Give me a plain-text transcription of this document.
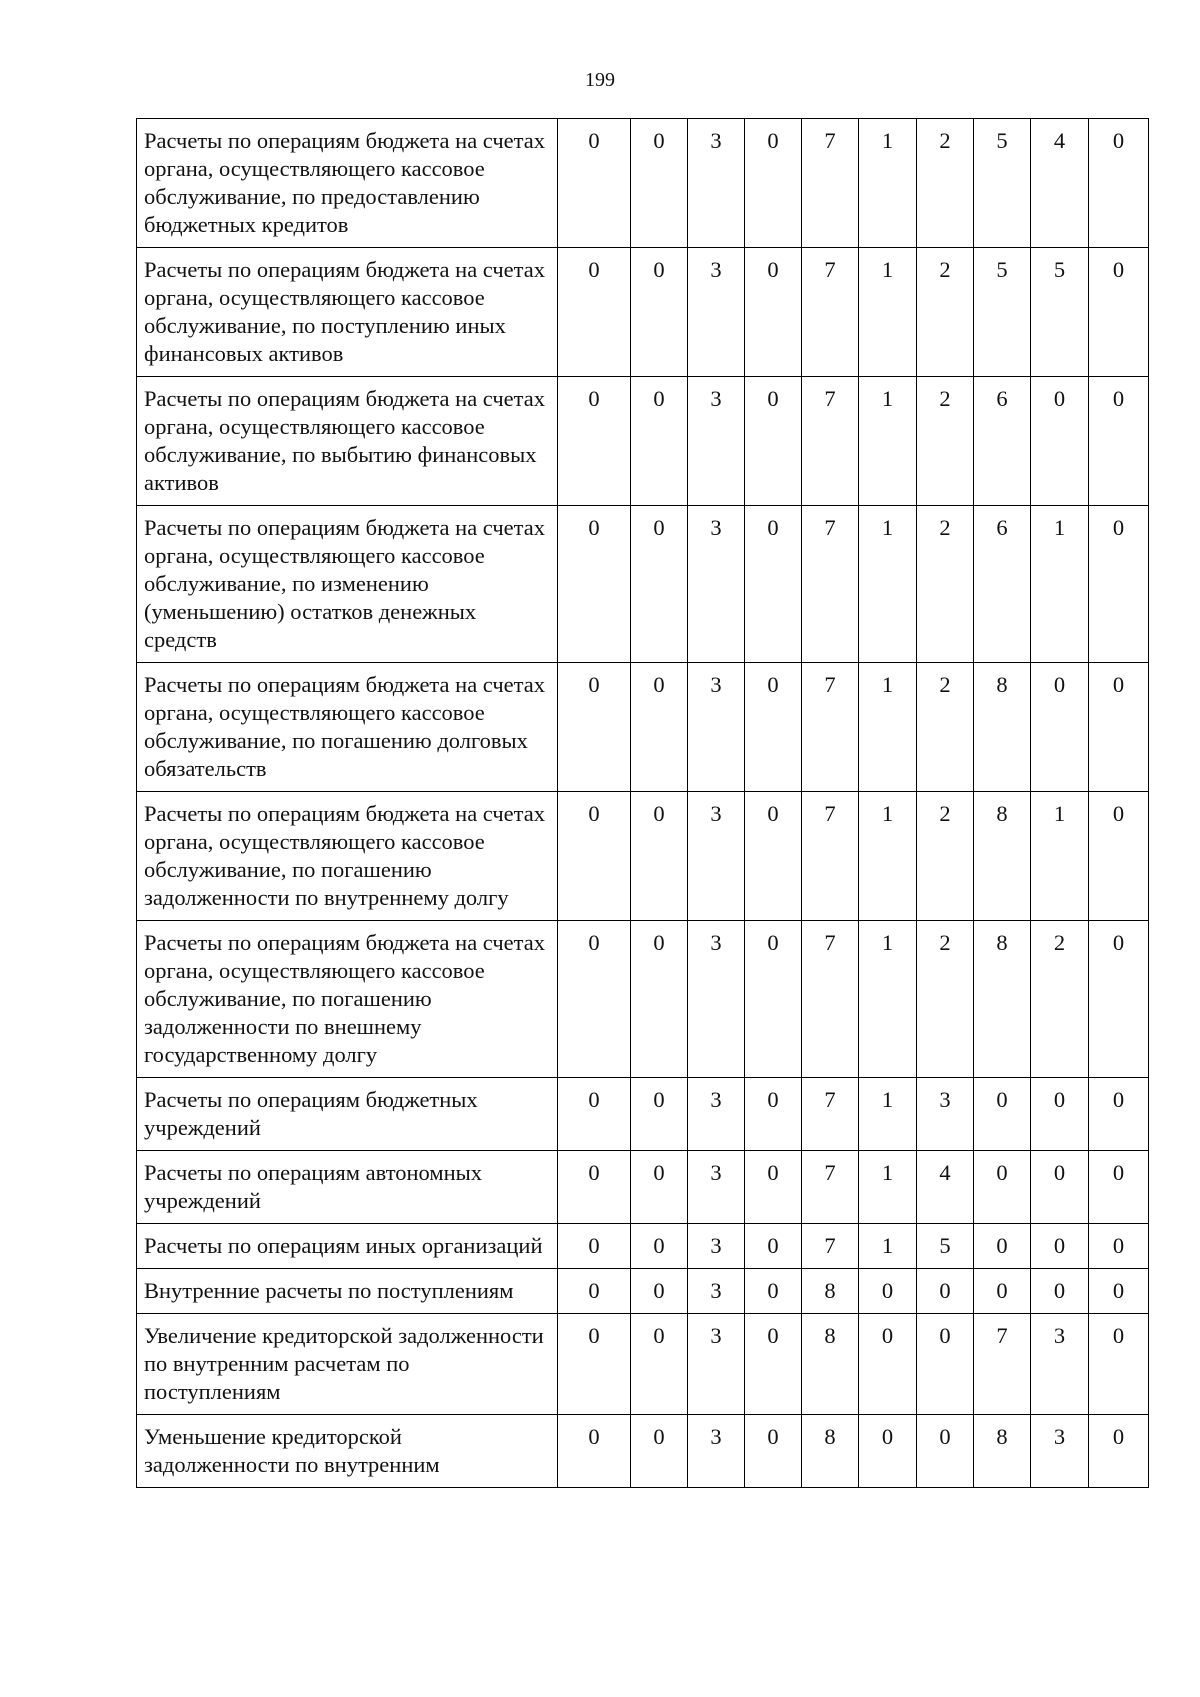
199
Расчеты по операциям бюджета на счетах органа, осуществляющего кассовое обслуживание, по предоставлению бюджетных кредитов	0	0	3	0	7	1	2	5	4	0
Расчеты по операциям бюджета на счетах органа, осуществляющего кассовое обслуживание, по поступлению иных финансовых активов	0	0	3	0	7	1	2	5	5	0
Расчеты по операциям бюджета на счетах органа, осуществляющего кассовое обслуживание, по выбытию финансовых активов	0	0	3	0	7	1	2	6	0	0
Расчеты по операциям бюджета на счетах органа, осуществляющего кассовое обслуживание, по изменению (уменьшению) остатков денежных средств	0	0	3	0	7	1	2	6	1	0
Расчеты по операциям бюджета на счетах органа, осуществляющего кассовое обслуживание, по погашению долговых обязательств	0	0	3	0	7	1	2	8	0	0
Расчеты по операциям бюджета на счетах органа, осуществляющего кассовое обслуживание, по погашению задолженности по внутреннему долгу	0	0	3	0	7	1	2	8	1	0
Расчеты по операциям бюджета на счетах органа, осуществляющего кассовое обслуживание, по погашению задолженности по внешнему государственному долгу	0	0	3	0	7	1	2	8	2	0
Расчеты по операциям бюджетных учреждений	0	0	3	0	7	1	3	0	0	0
Расчеты по операциям автономных учреждений	0	0	3	0	7	1	4	0	0	0
Расчеты по операциям иных организаций	0	0	3	0	7	1	5	0	0	0
Внутренние расчеты по поступлениям	0	0	3	0	8	0	0	0	0	0
Увеличение кредиторской задолженности по внутренним расчетам по поступлениям	0	0	3	0	8	0	0	7	3	0
Уменьшение кредиторской задолженности по внутренним	0	0	3	0	8	0	0	8	3	0
